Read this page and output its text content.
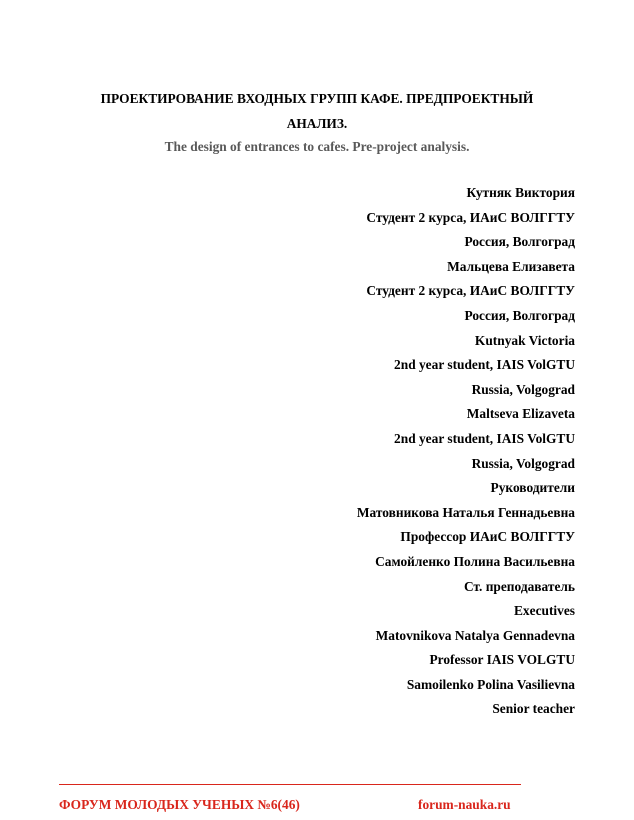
ПРОЕКТИРОВАНИЕ ВХОДНЫХ ГРУПП КАФЕ. ПРЕДПРОЕКТНЫЙ

АНАЛИЗ.

The design of entrances to cafes. Pre-project analysis.

Кутняк Виктория
Студент 2 курса, ИАиС ВОЛГГТУ
Россия, Волгоград
Мальцева Елизавета
Студент 2 курса, ИАиС ВОЛГГТУ
Россия, Волгоград
Kutnyak Victoria
2nd year student, IAIS VolGTU
Russia, Volgograd
Maltseva Elizaveta
2nd year student, IAIS VolGTU
Russia, Volgograd
Руководители
Матовникова Наталья Геннадьевна
Профессор ИАиС ВОЛГГТУ
Самойленко Полина Васильевна
Ст. преподаватель
Executives
Matovnikova Natalya Gennadevna
Professor IAIS VOLGTU
Samoilenko Polina Vasilievna
Senior teacher
ФОРУМ МОЛОДЫХ УЧЕНЫХ №6(46)	forum-nauka.ru
